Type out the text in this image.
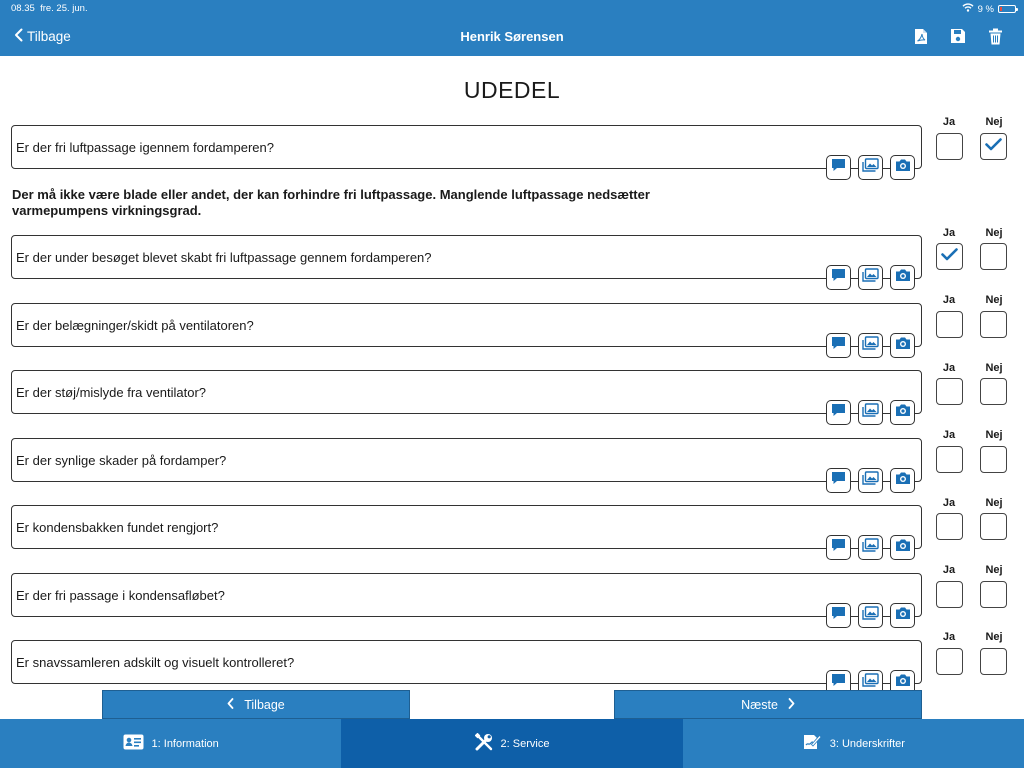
08.35 fre. 25. jun.	9 %
Tilbage	Henrik Sørensen
UDEDEL
Er der fri luftpassage igennem fordamperen?
Ja	Nej
Der må ikke være blade eller andet, der kan forhindre fri luftpassage. Manglende luftpassage nedsætter varmepumpens virkningsgrad.
Er der under besøget blevet skabt fri luftpassage gennem fordamperen?
Ja	Nej
Er der belægninger/skidt på ventilatoren?
Ja	Nej
Er der støj/mislyde fra ventilator?
Ja	Nej
Er der synlige skader på fordamper?
Ja	Nej
Er kondensbakken fundet rengjort?
Ja	Nej
Er der fri passage i kondensafløbet?
Ja	Nej
Er snavssamleren adskilt og visuelt kontrolleret?
Ja	Nej
Tilbage	Næste
1: Information	2: Service	3: Underskrifter
